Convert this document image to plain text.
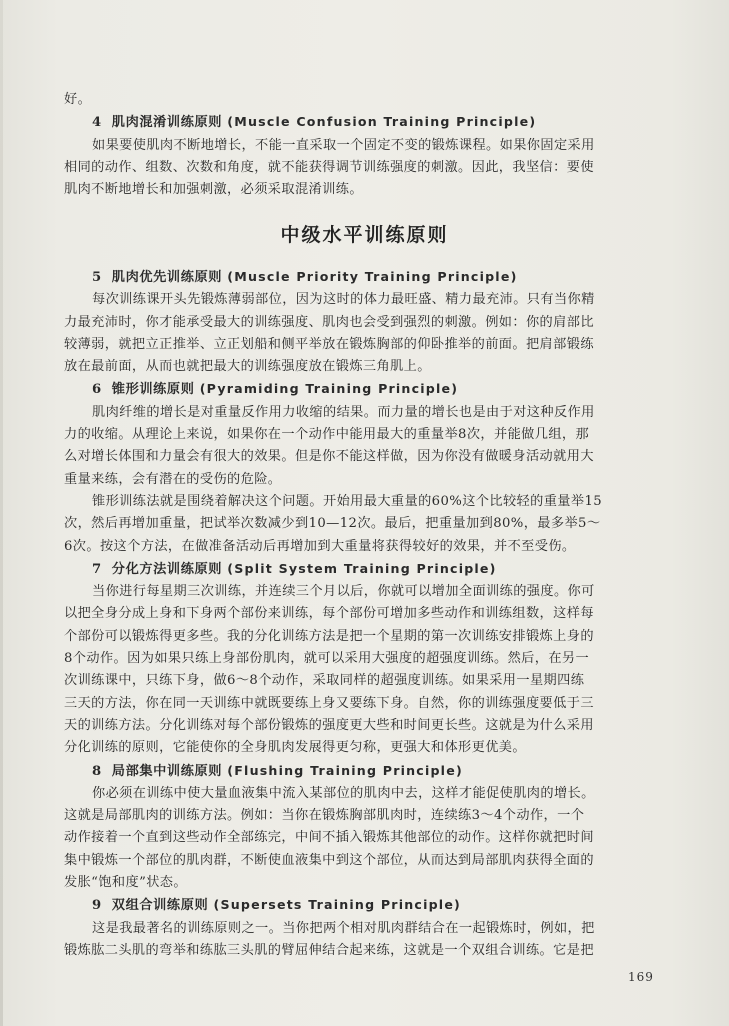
好。
4 肌肉混淆训练原则 (Muscle Confusion Training Principle)
如果要使肌肉不断地增长，不能一直采取一个固定不变的锻炼课程。如果你固定采用
相同的动作、组数、次数和角度，就不能获得调节训练强度的刺激。因此，我坚信：要使
肌肉不断地增长和加强刺激，必须采取混淆训练。
中级水平训练原则
5 肌肉优先训练原则 (Muscle Priority Training Principle)
每次训练课开头先锻炼薄弱部位，因为这时的体力最旺盛、精力最充沛。只有当你精
力最充沛时，你才能承受最大的训练强度、肌肉也会受到强烈的刺激。例如：你的肩部比
较薄弱，就把立正推举、立正划船和侧平举放在锻炼胸部的仰卧推举的前面。把肩部锻练
放在最前面，从而也就把最大的训练强度放在锻炼三角肌上。
6 锥形训练原则 (Pyramiding Training Principle)
肌肉纤维的增长是对重量反作用力收缩的结果。而力量的增长也是由于对这种反作用
力的收缩。从理论上来说，如果你在一个动作中能用最大的重量举8次，并能做几组，那
么对增长体围和力量会有很大的效果。但是你不能这样做，因为你没有做暖身活动就用大
重量来练，会有潜在的受伤的危险。
锥形训练法就是围绕着解决这个问题。开始用最大重量的60%这个比较轻的重量举15
次，然后再增加重量，把试举次数减少到10—12次。最后，把重量加到80%，最多举5～
6次。按这个方法，在做准备活动后再增加到大重量将获得较好的效果，并不至受伤。
7 分化方法训练原则 (Split System Training Principle)
当你进行每星期三次训练，并连续三个月以后，你就可以增加全面训练的强度。你可
以把全身分成上身和下身两个部份来训练，每个部份可增加多些动作和训练组数，这样每
个部份可以锻炼得更多些。我的分化训练方法是把一个星期的第一次训练安排锻炼上身的
8个动作。因为如果只练上身部份肌肉，就可以采用大强度的超强度训练。然后，在另一
次训练课中，只练下身，做6～8个动作，采取同样的超强度训练。如果采用一星期四练
三天的方法，你在同一天训练中就既要练上身又要练下身。自然，你的训练强度要低于三
天的训练方法。分化训练对每个部份锻炼的强度更大些和时间更长些。这就是为什么采用
分化训练的原则，它能使你的全身肌肉发展得更匀称，更强大和体形更优美。
8 局部集中训练原则 (Flushing Training Principle)
你必须在训练中使大量血液集中流入某部位的肌肉中去，这样才能促使肌肉的增长。
这就是局部肌肉的训练方法。例如：当你在锻炼胸部肌肉时，连续练3～4个动作，一个
动作接着一个直到这些动作全部练完，中间不插入锻炼其他部位的动作。这样你就把时间
集中锻炼一个部位的肌肉群，不断使血液集中到这个部位，从而达到局部肌肉获得全面的
发胀“饱和度”状态。
9 双组合训练原则 (Supersets Training Principle)
这是我最著名的训练原则之一。当你把两个相对肌肉群结合在一起锻炼时，例如，把
锻炼肱二头肌的弯举和练肱三头肌的臂屈伸结合起来练，这就是一个双组合训练。它是把
169
